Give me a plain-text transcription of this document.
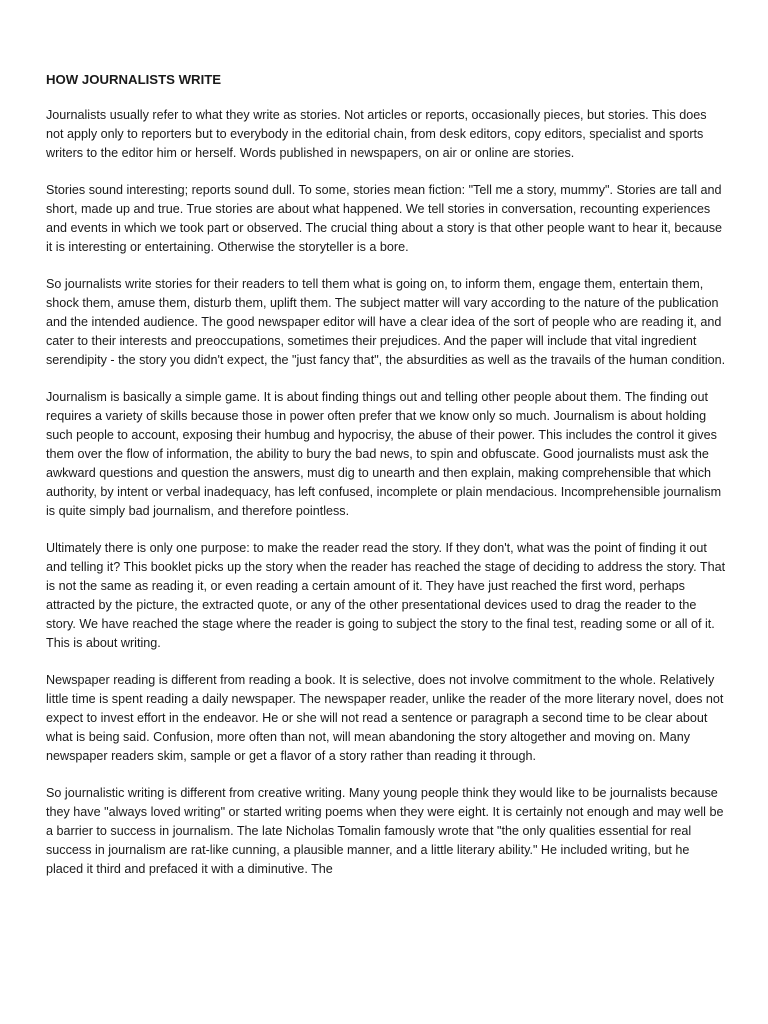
HOW JOURNALISTS WRITE

Journalists usually refer to what they write as stories. Not articles or reports, occasionally pieces, but stories. This does not apply only to reporters but to everybody in the editorial chain, from desk editors, copy editors, specialist and sports writers to the editor him or herself. Words published in newspapers, on air or online are stories.

Stories sound interesting; reports sound dull. To some, stories mean fiction: "Tell me a story, mummy". Stories are tall and short, made up and true. True stories are about what happened. We tell stories in conversation, recounting experiences and events in which we took part or observed. The crucial thing about a story is that other people want to hear it, because it is interesting or entertaining. Otherwise the storyteller is a bore.

So journalists write stories for their readers to tell them what is going on, to inform them, engage them, entertain them, shock them, amuse them, disturb them, uplift them. The subject matter will vary according to the nature of the publication and the intended audience. The good newspaper editor will have a clear idea of the sort of people who are reading it, and cater to their interests and preoccupations, sometimes their prejudices. And the paper will include that vital ingredient serendipity - the story you didn't expect, the "just fancy that", the absurdities as well as the travails of the human condition.

Journalism is basically a simple game. It is about finding things out and telling other people about them. The finding out requires a variety of skills because those in power often prefer that we know only so much. Journalism is about holding such people to account, exposing their humbug and hypocrisy, the abuse of their power. This includes the control it gives them over the flow of information, the ability to bury the bad news, to spin and obfuscate. Good journalists must ask the awkward questions and question the answers, must dig to unearth and then explain, making comprehensible that which authority, by intent or verbal inadequacy, has left confused, incomplete or plain mendacious. Incomprehensible journalism is quite simply bad journalism, and therefore pointless.

Ultimately there is only one purpose: to make the reader read the story. If they don't, what was the point of finding it out and telling it? This booklet picks up the story when the reader has reached the stage of deciding to address the story. That is not the same as reading it, or even reading a certain amount of it. They have just reached the first word, perhaps attracted by the picture, the extracted quote, or any of the other presentational devices used to drag the reader to the story. We have reached the stage where the reader is going to subject the story to the final test, reading some or all of it. This is about writing.

Newspaper reading is different from reading a book. It is selective, does not involve commitment to the whole. Relatively little time is spent reading a daily newspaper. The newspaper reader, unlike the reader of the more literary novel, does not expect to invest effort in the endeavor. He or she will not read a sentence or paragraph a second time to be clear about what is being said. Confusion, more often than not, will mean abandoning the story altogether and moving on. Many newspaper readers skim, sample or get a flavor of a story rather than reading it through.

So journalistic writing is different from creative writing. Many young people think they would like to be journalists because they have "always loved writing" or started writing poems when they were eight. It is certainly not enough and may well be a barrier to success in journalism. The late Nicholas Tomalin famously wrote that "the only qualities essential for real success in journalism are rat-like cunning, a plausible manner, and a little literary ability." He included writing, but he placed it third and prefaced it with a diminutive. The
